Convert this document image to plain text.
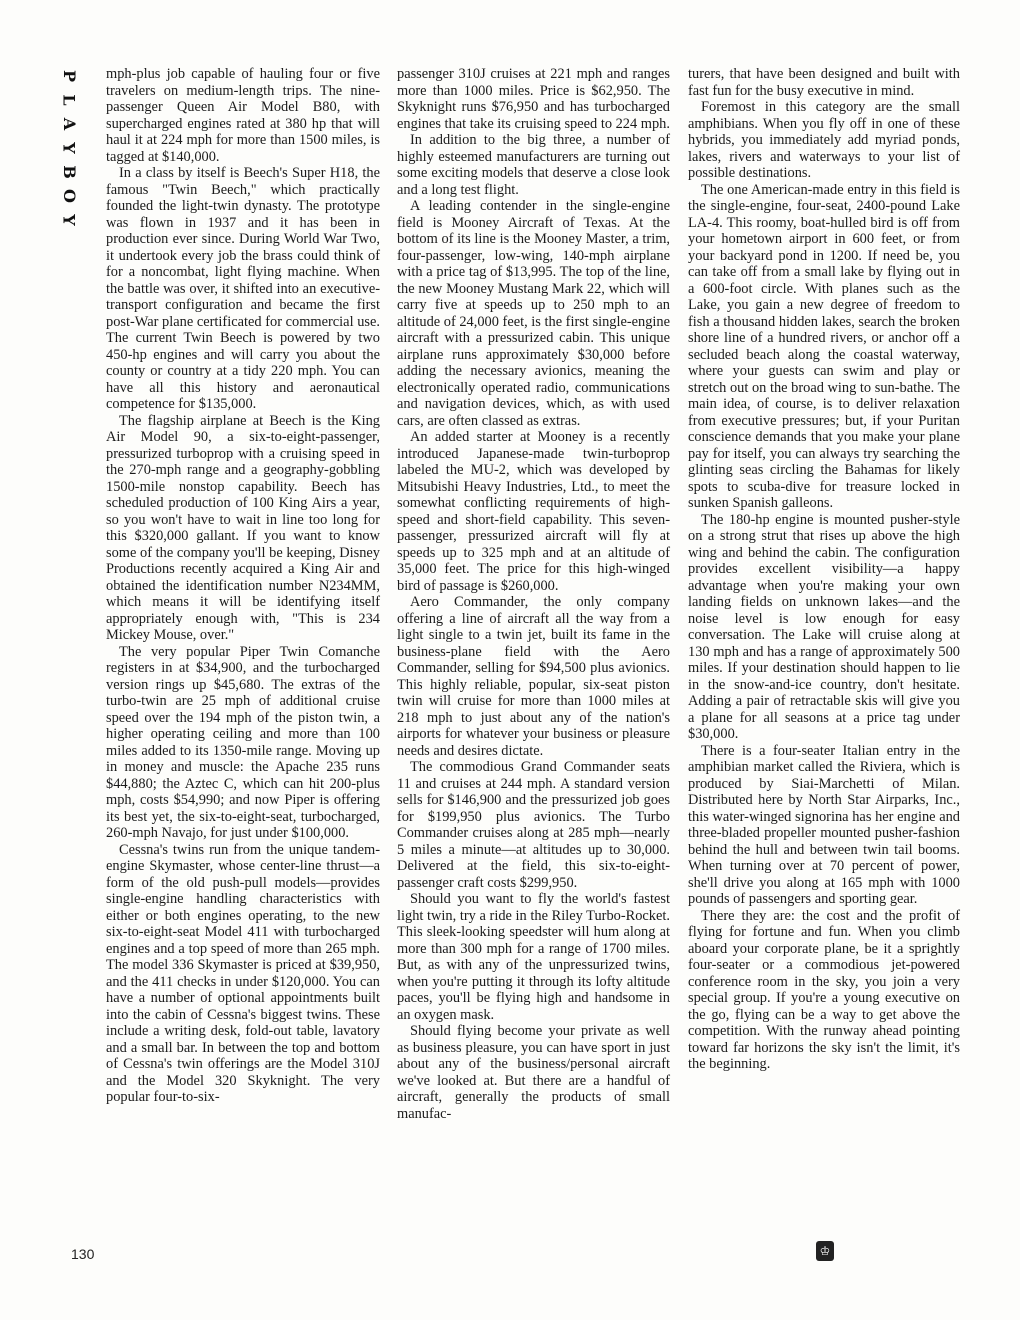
P
L
A
Y
B
O
Y

mph-plus job capable of hauling four or five travelers on medium-length trips. The nine-passenger Queen Air Model B80, with supercharged engines rated at 380 hp that will haul it at 224 mph for more than 1500 miles, is tagged at $140,000.

In a class by itself is Beech's Super H18, the famous "Twin Beech," which practically founded the light-twin dynasty. The prototype was flown in 1937 and it has been in production ever since. During World War Two, it undertook every job the brass could think of for a noncombat, light flying machine. When the battle was over, it shifted into an executive-transport configuration and became the first post-War plane certificated for commercial use. The current Twin Beech is powered by two 450-hp engines and will carry you about the county or country at a tidy 220 mph. You can have all this history and aeronautical competence for $135,000.

The flagship airplane at Beech is the King Air Model 90, a six-to-eight-passenger, pressurized turboprop with a cruising speed in the 270-mph range and a geography-gobbling 1500-mile nonstop capability. Beech has scheduled production of 100 King Airs a year, so you won't have to wait in line too long for this $320,000 gallant. If you want to know some of the company you'll be keeping, Disney Productions recently acquired a King Air and obtained the identification number N234MM, which means it will be identifying itself appropriately enough with, "This is 234 Mickey Mouse, over."

The very popular Piper Twin Comanche registers in at $34,900, and the turbocharged version rings up $45,680. The extras of the turbo-twin are 25 mph of additional cruise speed over the 194 mph of the piston twin, a higher operating ceiling and more than 100 miles added to its 1350-mile range. Moving up in money and muscle: the Apache 235 runs $44,880; the Aztec C, which can hit 200-plus mph, costs $54,990; and now Piper is offering its best yet, the six-to-eight-seat, turbocharged, 260-mph Navajo, for just under $100,000.

Cessna's twins run from the unique tandem-engine Skymaster, whose center-line thrust—a form of the old push-pull models—provides single-engine handling characteristics with either or both engines operating, to the new six-to-eight-seat Model 411 with turbocharged engines and a top speed of more than 265 mph. The model 336 Skymaster is priced at $39,950, and the 411 checks in under $120,000. You can have a number of optional appointments built into the cabin of Cessna's biggest twins. These include a writing desk, fold-out table, lavatory and a small bar. In between the top and bottom of Cessna's twin offerings are the Model 310J and the Model 320 Skyknight. The very popular four-to-six-

passenger 310J cruises at 221 mph and ranges more than 1000 miles. Price is $62,950. The Skyknight runs $76,950 and has turbocharged engines that take its cruising speed to 224 mph.

In addition to the big three, a number of highly esteemed manufacturers are turning out some exciting models that deserve a close look and a long test flight.

A leading contender in the single-engine field is Mooney Aircraft of Texas. At the bottom of its line is the Mooney Master, a trim, four-passenger, low-wing, 140-mph airplane with a price tag of $13,995. The top of the line, the new Mooney Mustang Mark 22, which will carry five at speeds up to 250 mph to an altitude of 24,000 feet, is the first single-engine aircraft with a pressurized cabin. This unique airplane runs approximately $30,000 before adding the necessary avionics, meaning the electronically operated radio, communications and navigation devices, which, as with used cars, are often classed as extras.

An added starter at Mooney is a recently introduced Japanese-made twin-turboprop labeled the MU-2, which was developed by Mitsubishi Heavy Industries, Ltd., to meet the somewhat conflicting requirements of high-speed and short-field capability. This seven-passenger, pressurized aircraft will fly at speeds up to 325 mph and at an altitude of 35,000 feet. The price for this high-winged bird of passage is $260,000.

Aero Commander, the only company offering a line of aircraft all the way from a light single to a twin jet, built its fame in the business-plane field with the Aero Commander, selling for $94,500 plus avionics. This highly reliable, popular, six-seat piston twin will cruise for more than 1000 miles at 218 mph to just about any of the nation's airports for whatever your business or pleasure needs and desires dictate.

The commodious Grand Commander seats 11 and cruises at 244 mph. A standard version sells for $146,900 and the pressurized job goes for $199,950 plus avionics. The Turbo Commander cruises along at 285 mph—nearly 5 miles a minute—at altitudes up to 30,000. Delivered at the field, this six-to-eight-passenger craft costs $299,950.

Should you want to fly the world's fastest light twin, try a ride in the Riley Turbo-Rocket. This sleek-looking speedster will hum along at more than 300 mph for a range of 1700 miles. But, as with any of the unpressurized twins, when you're putting it through its lofty altitude paces, you'll be flying high and handsome in an oxygen mask.

Should flying become your private as well as business pleasure, you can have sport in just about any of the business/personal aircraft we've looked at. But there are a handful of aircraft, generally the products of small manufac-

turers, that have been designed and built with fast fun for the busy executive in mind.

Foremost in this category are the small amphibians. When you fly off in one of these hybrids, you immediately add myriad ponds, lakes, rivers and waterways to your list of possible destinations.

The one American-made entry in this field is the single-engine, four-seat, 2400-pound Lake LA-4. This roomy, boat-hulled bird is off from your hometown airport in 600 feet, or from your backyard pond in 1200. If need be, you can take off from a small lake by flying out in a 600-foot circle. With planes such as the Lake, you gain a new degree of freedom to fish a thousand hidden lakes, search the broken shore line of a hundred rivers, or anchor off a secluded beach along the coastal waterway, where your guests can swim and play or stretch out on the broad wing to sun-bathe. The main idea, of course, is to deliver relaxation from executive pressures; but, if your Puritan conscience demands that you make your plane pay for itself, you can always try searching the glinting seas circling the Bahamas for likely spots to scuba-dive for treasure locked in sunken Spanish galleons.

The 180-hp engine is mounted pusher-style on a strong strut that rises up above the high wing and behind the cabin. The configuration provides excellent visibility—a happy advantage when you're making your own landing fields on unknown lakes—and the noise level is low enough for easy conversation. The Lake will cruise along at 130 mph and has a range of approximately 500 miles. If your destination should happen to lie in the snow-and-ice country, don't hesitate. Adding a pair of retractable skis will give you a plane for all seasons at a price tag under $30,000.

There is a four-seater Italian entry in the amphibian market called the Riviera, which is produced by Siai-Marchetti of Milan. Distributed here by North Star Airparks, Inc., this water-winged signorina has her engine and three-bladed propeller mounted pusher-fashion behind the hull and between twin tail booms. When turning over at 70 percent of power, she'll drive you along at 165 mph with 1000 pounds of passengers and sporting gear.

There they are: the cost and the profit of flying for fortune and fun. When you climb aboard your corporate plane, be it a sprightly four-seater or a commodious jet-powered conference room in the sky, you join a very special group. If you're a young executive on the go, flying can be a way to get above the competition. With the runway ahead pointing toward far horizons the sky isn't the limit, it's the beginning.

130	♔
